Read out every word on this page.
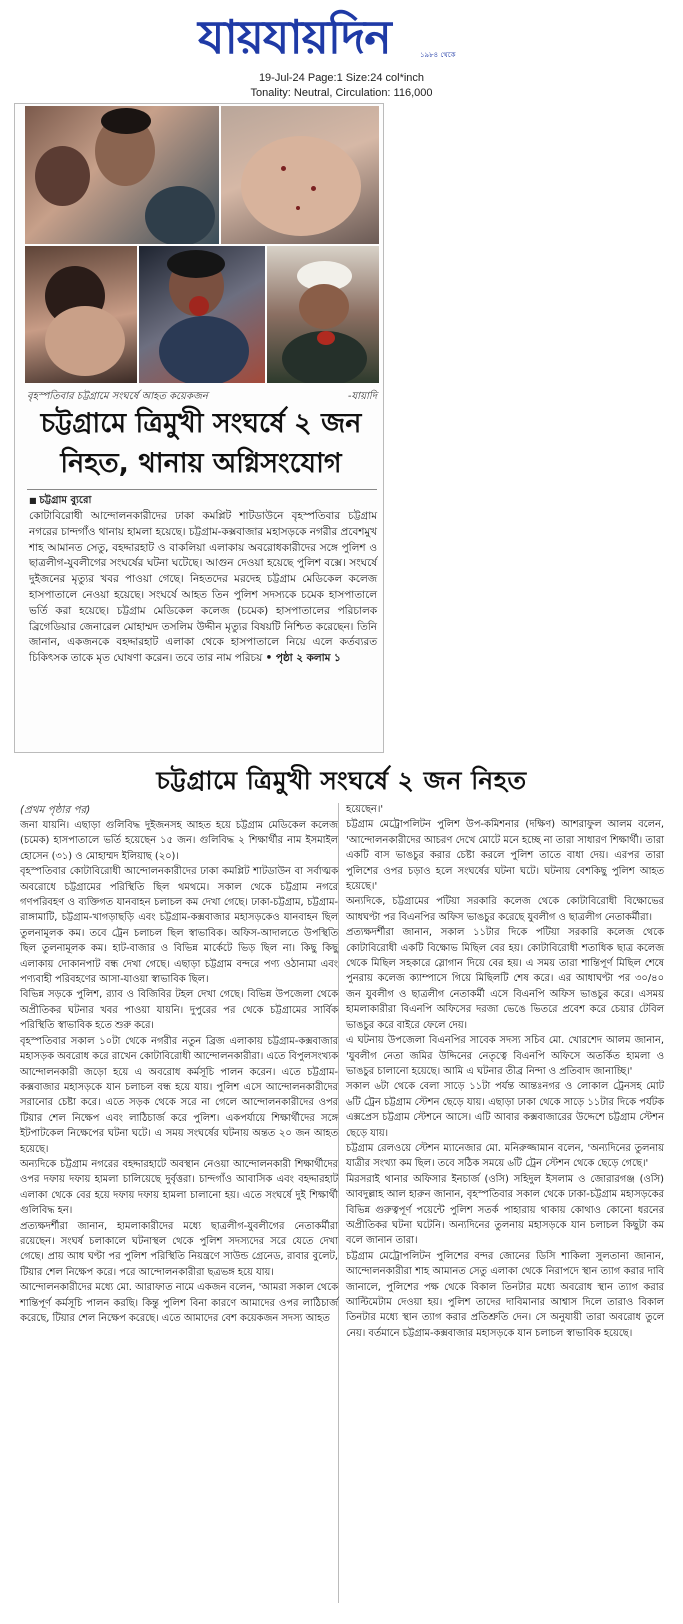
যায়যায়দিন	১৯৮৪ থেকে
19-Jul-24 Page:1 Size:24 col*inch
Tonality: Neutral, Circulation: 116,000
বৃহস্পতিবার চট্টগ্রামে সংঘর্ষে আহত কয়েকজন	-যায়াদি
চট্টগ্রামে ত্রিমুখী সংঘর্ষে ২ জন নিহত, থানায় অগ্নিসংযোগ
■ চট্টগ্রাম ব্যুরো
কোটাবিরোধী আন্দোলনকারীদের ঢাকা কমপ্লিট শাটডাউনে বৃহস্পতিবার চট্টগ্রাম নগরের চান্দগাঁও থানায় হামলা হয়েছে। চট্টগ্রাম-কক্সবাজার মহাসড়কে নগরীর প্রবেশমুখ শাহ আমানত সেতু, বহদ্দারহাট ও বাকলিয়া এলাকায় অবরোধকারীদের সঙ্গে পুলিশ ও ছাত্রলীগ-যুবলীগের সংঘর্ষের ঘটনা ঘটেছে। আগুন দেওয়া হয়েছে পুলিশ বক্সে। সংঘর্ষে দুইজনের মৃত্যুর খবর পাওয়া গেছে। নিহতদের মরদেহ চট্টগ্রাম মেডিকেল কলেজ হাসপাতালে নেওয়া হয়েছে। সংঘর্ষে আহত তিন পুলিশ সদস্যকে চমেক হাসপাতালে ভর্তি করা হয়েছে। চট্টগ্রাম মেডিকেল কলেজ (চমেক) হাসপাতালের পরিচালক ব্রিগেডিয়ার জেনারেল মোহাম্মদ তসলিম উদ্দীন মৃত্যুর বিষয়টি নিশ্চিত করেছেন। তিনি জানান, একজনকে বহদ্দারহাট এলাকা থেকে হাসপাতালে নিয়ে এলে কর্তব্যরত চিকিৎসক তাকে মৃত ঘোষণা করেন। তবে তার নাম পরিচয় • পৃষ্ঠা ২ কলাম ১
চট্টগ্রামে ত্রিমুখী সংঘর্ষে ২ জন নিহত
(প্রথম পৃষ্ঠার পর)

জনা যায়নি। এছাড়া গুলিবিদ্ধ দুইজনসহ আহত হয়ে চট্টগ্রাম মেডিকেল কলেজ (চমেক) হাসপাতালে ভর্তি হয়েছেন ১৫ জন। গুলিবিদ্ধ ২ শিক্ষার্থীর নাম ইসমাইল হোসেন (৩১) ও মোহাম্মদ ইলিয়াছ (২০)।

বৃহস্পতিবার কোটাবিরোধী আন্দোলনকারীদের ঢাকা কমপ্লিট শাটডাউন বা সর্বাত্মক অবরোধে চট্টগ্রামের পরিস্থিতি ছিল থমথমে। সকাল থেকে চট্টগ্রাম নগরে গণপরিবহণ ও ব্যক্তিগত যানবাহন চলাচল কম দেখা গেছে। ঢাকা-চট্টগ্রাম, চট্টগ্রাম-রাঙ্গামাটি, চট্টগ্রাম-খাগড়াছড়ি এবং চট্টগ্রাম-কক্সবাজার মহাসড়কেও যানবাহন ছিল তুলনামূলক কম। তবে ট্রেন চলাচল ছিল স্বাভাবিক। অফিস-আদালতে উপস্থিতি ছিল তুলনামূলক কম। হাট-বাজার ও বিভিন্ন মার্কেটে ভিড় ছিল না। কিছু কিছু এলাকায় দোকানপাট বন্ধ দেখা গেছে। এছাড়া চট্টগ্রাম বন্দরে পণ্য ওঠানামা এবং পণ্যবাহী পরিবহণের আসা-যাওয়া স্বাভাবিক ছিল।

বিভিন্ন সড়কে পুলিশ, র‍্যাব ও বিজিবির টহল দেখা গেছে। বিভিন্ন উপজেলা থেকে অপ্রীতিকর ঘটনার খবর পাওয়া যায়নি। দুপুরের পর থেকে চট্টগ্রামের সার্বিক পরিস্থিতি স্বাভাবিক হতে শুরু করে।

বৃহস্পতিবার সকাল ১০টা থেকে নগরীর নতুন ব্রিজ এলাকায় চট্টগ্রাম-কক্সবাজার মহাসড়ক অবরোধ করে রাখেন কোটাবিরোধী আন্দোলনকারীরা। এতে বিপুলসংখ্যক আন্দোলনকারী জড়ো হয়ে এ অবরোধ কর্মসূচি পালন করেন। এতে চট্টগ্রাম-কক্সবাজার মহাসড়কে যান চলাচল বন্ধ হয়ে যায়। পুলিশ এসে আন্দোলনকারীদের সরানোর চেষ্টা করে। এতে সড়ক থেকে সরে না গেলে আন্দোলনকারীদের ওপর টিয়ার শেল নিক্ষেপ এবং লাঠিচার্জ করে পুলিশ। একপর্যায়ে শিক্ষার্থীদের সঙ্গে ইটপাটকেল নিক্ষেপের ঘটনা ঘটে। এ সময় সংঘর্ষের ঘটনায় অন্তত ২০ জন আহত হয়েছে।

অন্যদিকে চট্টগ্রাম নগরের বহদ্দারহাটে অবস্থান নেওয়া আন্দোলনকারী শিক্ষার্থীদের ওপর দফায় দফায় হামলা চালিয়েছে দুর্বৃত্তরা। চান্দগাঁও আবাসিক এবং বহদ্দারহাট এলাকা থেকে বের হয়ে দফায় দফায় হামলা চালানো হয়। এতে সংঘর্ষে দুই শিক্ষার্থী গুলিবিদ্ধ হন।

প্রত্যক্ষদর্শীরা জানান, হামলাকারীদের মধ্যে ছাত্রলীগ-যুবলীগের নেতাকর্মীরা রয়েছেন। সংঘর্ষ চলাকালে ঘটনাস্থল থেকে পুলিশ সদস্যদের সরে যেতে দেখা গেছে। প্রায় আধ ঘণ্টা পর পুলিশ পরিস্থিতি নিয়ন্ত্রণে সাউন্ড গ্রেনেড, রাবার বুলেট, টিয়ার শেল নিক্ষেপ করে। পরে আন্দোলনকারীরা ছত্রভঙ্গ হয়ে যায়।

আন্দোলনকারীদের মধ্যে মো. আরাফাত নামে একজন বলেন, 'আমরা সকাল থেকে শান্তিপূর্ণ কর্মসূচি পালন করছি। কিন্তু পুলিশ বিনা কারণে আমাদের ওপর লাঠিচার্জ করেছে, টিয়ার শেল নিক্ষেপ করেছে। এতে আমাদের বেশ কয়েকজন সদস্য আহত

হয়েছেন।'

চট্টগ্রাম মেট্রোপলিটন পুলিশ উপ-কমিশনার (দক্ষিণ) আশরাফুল আলম বলেন, 'আন্দোলনকারীদের আচরণ দেখে মোটে মনে হচ্ছে না তারা সাধারণ শিক্ষার্থী। তারা একটি বাস ভাঙচুর করার চেষ্টা করলে পুলিশ তাতে বাধা দেয়। এরপর তারা পুলিশের ওপর চড়াও হলে সংঘর্ষের ঘটনা ঘটে। ঘটনায় বেশকিছু পুলিশ আহত হয়েছে।'

অন্যদিকে, চট্টগ্রামের পটিয়া সরকারি কলেজ থেকে কোটাবিরোধী বিক্ষোভের আধঘণ্টা পর বিএনপির অফিস ভাঙচুর করেছে যুবলীগ ও ছাত্রলীগ নেতাকর্মীরা।

প্রত্যক্ষদর্শীরা জানান, সকাল ১১টার দিকে পটিয়া সরকারি কলেজ থেকে কোটাবিরোধী একটি বিক্ষোভ মিছিল বের হয়। কোটাবিরোধী শতাধিক ছাত্র কলেজ থেকে মিছিল সহকারে স্লোগান দিয়ে বের হয়। এ সময় তারা শান্তিপূর্ণ মিছিল শেষে পুনরায় কলেজ ক্যাম্পাসে গিয়ে মিছিলটি শেষ করে। এর আধাঘণ্টা পর ৩০/৪০ জন যুবলীগ ও ছাত্রলীগ নেতাকর্মী এসে বিএনপি অফিস ভাঙচুর করে। এসময় হামলাকারীরা বিএনপি অফিসের দরজা ভেঙে ভিতরে প্রবেশ করে চেয়ার টেবিল ভাঙচুর করে বাইরে ফেলে দেয়।

এ ঘটনায় উপজেলা বিএনপির সাবেক সদস্য সচিব মো. খোরশেদ আলম জানান, 'যুবলীগ নেতা জমির উদ্দিনের নেতৃত্বে বিএনপি অফিসে অতর্কিত হামলা ও ভাঙচুর চালানো হয়েছে। আমি এ ঘটনার তীব্র নিন্দা ও প্রতিবাদ জানাচ্ছি।'

সকাল ৬টা থেকে বেলা সাড়ে ১১টা পর্যন্ত আন্তঃনগর ও লোকাল ট্রেনসহ মোট ৬টি ট্রেন চট্টগ্রাম স্টেশন ছেড়ে যায়। এছাড়া ঢাকা থেকে সাড়ে ১১টার দিকে পর্যটক এক্সপ্রেস চট্টগ্রাম স্টেশনে আসে। এটি আবার কক্সবাজারের উদ্দেশে চট্টগ্রাম স্টেশন ছেড়ে যায়।

চট্টগ্রাম রেলওয়ে স্টেশন ম্যানেজার মো. মনিরুজ্জামান বলেন, 'অন্যদিনের তুলনায় যাত্রীর সংখ্যা কম ছিল। তবে সঠিক সময়ে ৬টি ট্রেন স্টেশন থেকে ছেড়ে গেছে।'

মিরসরাই থানার অফিসার ইনচার্জ (ওসি) সহিদুল ইসলাম ও জোরারগঞ্জ (ওসি) আবদুল্লাহ আল হারুন জানান, বৃহস্পতিবার সকাল থেকে ঢাকা-চট্টগ্রাম মহাসড়কের বিভিন্ন গুরুত্বপূর্ণ পয়েন্টে পুলিশ সতর্ক পাহারায় থাকায় কোথাও কোনো ধরনের অপ্রীতিকর ঘটনা ঘটেনি। অন্যদিনের তুলনায় মহাসড়কে যান চলাচল কিছুটা কম বলে জানান তারা।

চট্টগ্রাম মেট্রোপলিটন পুলিশের বন্দর জোনের ডিসি শাকিলা সুলতানা জানান, আন্দোলনকারীরা শাহ আমানত সেতু এলাকা থেকে নিরাপদে স্থান ত্যাগ করার দাবি জানালে, পুলিশের পক্ষ থেকে বিকাল তিনটার মধ্যে অবরোধ স্থান ত্যাগ করার আল্টিমেটাম দেওয়া হয়। পুলিশ তাদের দাবিমানার আশ্বাস দিলে তারাও বিকাল তিনটার মধ্যে স্থান ত্যাগ করার প্রতিশ্রুতি দেন। সে অনুযায়ী তারা অবরোধ তুলে নেয়। বর্তমানে চট্টগ্রাম-কক্সবাজার মহাসড়কে যান চলাচল স্বাভাবিক হয়েছে।
